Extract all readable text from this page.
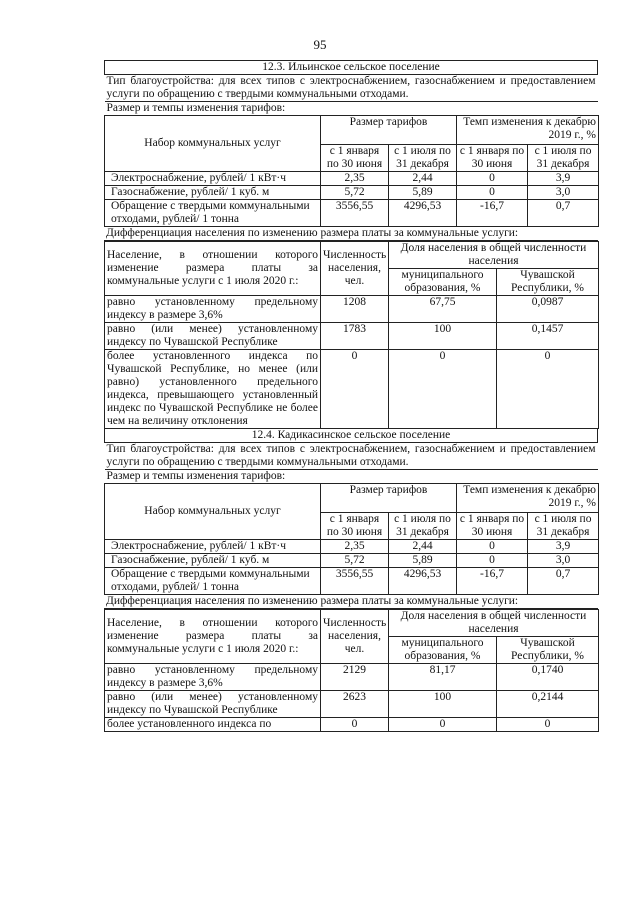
95
12.3. Ильинское сельское поселение
Тип благоустройства: для всех типов с электроснабжением, газоснабжением и предоставлением услуги по обращению с твердыми коммунальными отходами.
Размер и темпы изменения тарифов:
Набор коммунальных услуг	Размер тарифов		Темп изменения к декабрю 2019 г., %	
	с 1 января по 30 июня	с 1 июля по 31 декабря	с 1 января по 30 июня	с 1 июля по 31 декабря
Электроснабжение, рублей/ 1 кВт·ч	2,35	2,44	0	3,9
Газоснабжение, рублей/ 1 куб. м	5,72	5,89	0	3,0
Обращение с твердыми коммунальными отходами, рублей/ 1 тонна	3556,55	4296,53	-16,7	0,7
Дифференциация населения по изменению размера платы за коммунальные услуги:
Население, в отношении которого изменение размера платы за коммунальные услуги с 1 июля 2020 г.:	Численность населения, чел.	Доля населения в общей численности населения	
		муниципального образования, %	Чувашской Республики, %
равно установленному предельному индексу в размере 3,6%	1208	67,75	0,0987
равно (или менее) установленному индексу по Чувашской Республике	1783	100	0,1457
более установленного индекса по Чувашской Республике, но менее (или равно) установленного предельного индекса, превышающего установленный индекс по Чувашской Республике не более чем на величину отклонения	0	0	0
12.4. Кадикасинское сельское поселение
Тип благоустройства: для всех типов с электроснабжением, газоснабжением и предоставлением услуги по обращению с твердыми коммунальными отходами.
Размер и темпы изменения тарифов:
Набор коммунальных услуг	Размер тарифов		Темп изменения к декабрю 2019 г., %	
	с 1 января по 30 июня	с 1 июля по 31 декабря	с 1 января по 30 июня	с 1 июля по 31 декабря
Электроснабжение, рублей/ 1 кВт·ч	2,35	2,44	0	3,9
Газоснабжение, рублей/ 1 куб. м	5,72	5,89	0	3,0
Обращение с твердыми коммунальными отходами, рублей/ 1 тонна	3556,55	4296,53	-16,7	0,7
Дифференциация населения по изменению размера платы за коммунальные услуги:
Население, в отношении которого изменение размера платы за коммунальные услуги с 1 июля 2020 г.:	Численность населения, чел.	Доля населения в общей численности населения	
		муниципального образования, %	Чувашской Республики, %
равно установленному предельному индексу в размере 3,6%	2129	81,17	0,1740
равно (или менее) установленному индексу по Чувашской Республике	2623	100	0,2144
более установленного индекса по	0	0	0
